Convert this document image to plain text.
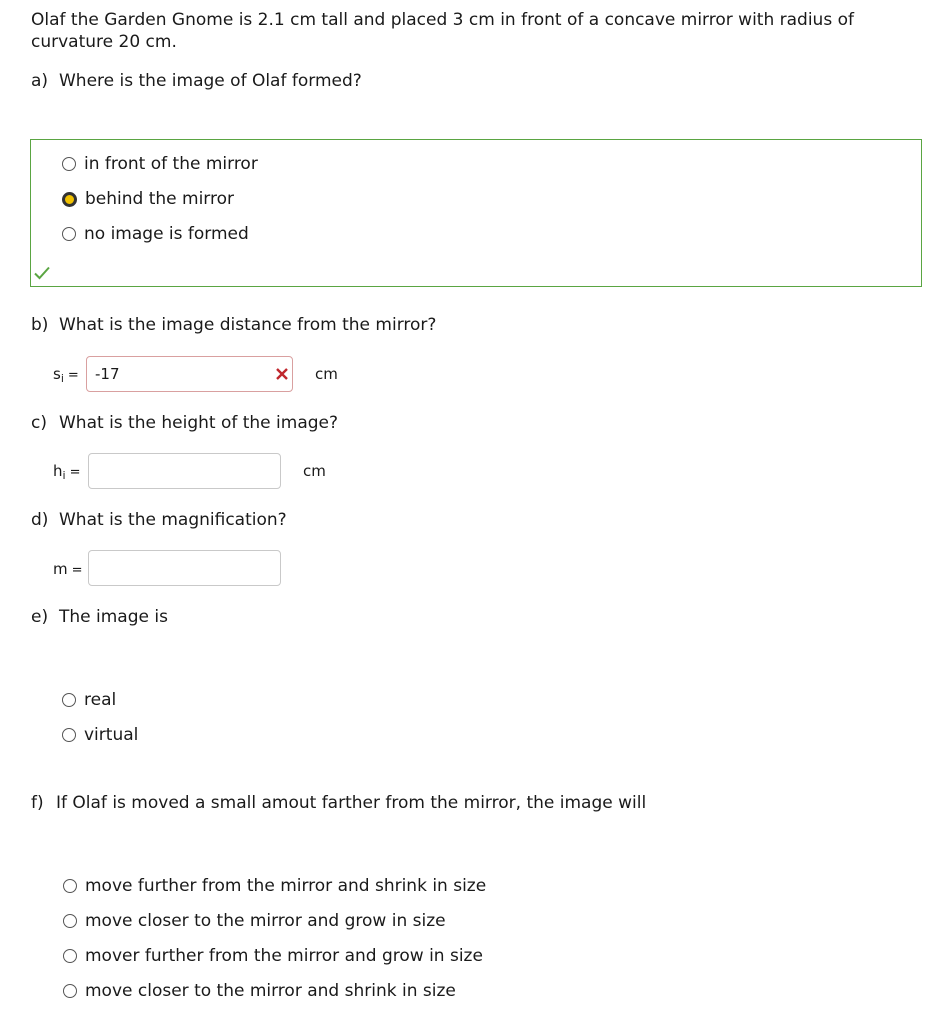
Olaf the Garden Gnome is 2.1 cm tall and placed 3 cm in front of a concave mirror with radius of curvature 20 cm.
a) Where is the image of Olaf formed?
in front of the mirror
behind the mirror
no image is formed
b) What is the image distance from the mirror?
$s_i$ =
-17	cm
c) What is the height of the image?
$h_i$ =	cm
d) What is the magnification?
m =
e) The image is
real
virtual
f) If Olaf is moved a small amout farther from the mirror, the image will
move further from the mirror and shrink in size
move closer to the mirror and grow in size
mover further from the mirror and grow in size
move closer to the mirror and shrink in size
